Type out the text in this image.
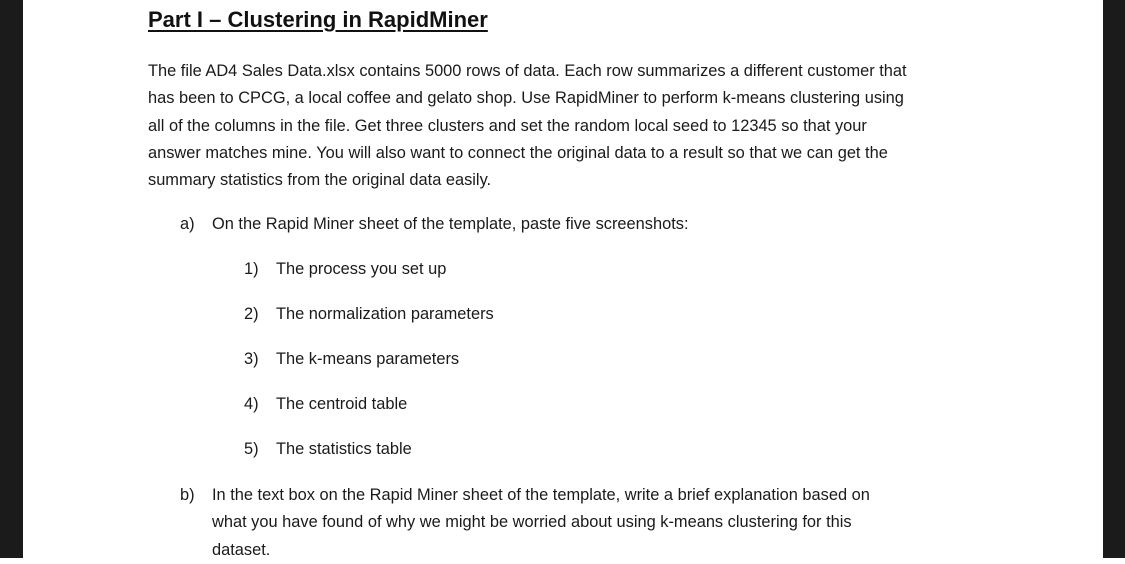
Part I – Clustering in RapidMiner

The file AD4 Sales Data.xlsx contains 5000 rows of data. Each row summarizes a different customer that
has been to CPCG, a local coffee and gelato shop. Use RapidMiner to perform k-means clustering using
all of the columns in the file. Get three clusters and set the random local seed to 12345 so that your
answer matches mine. You will also want to connect the original data to a result so that we can get the
summary statistics from the original data easily.

a) On the Rapid Miner sheet of the template, paste five screenshots:
1) The process you set up
2) The normalization parameters
3) The k-means parameters
4) The centroid table
5) The statistics table
b) In the text box on the Rapid Miner sheet of the template, write a brief explanation based on
what you have found of why we might be worried about using k-means clustering for this
dataset.
